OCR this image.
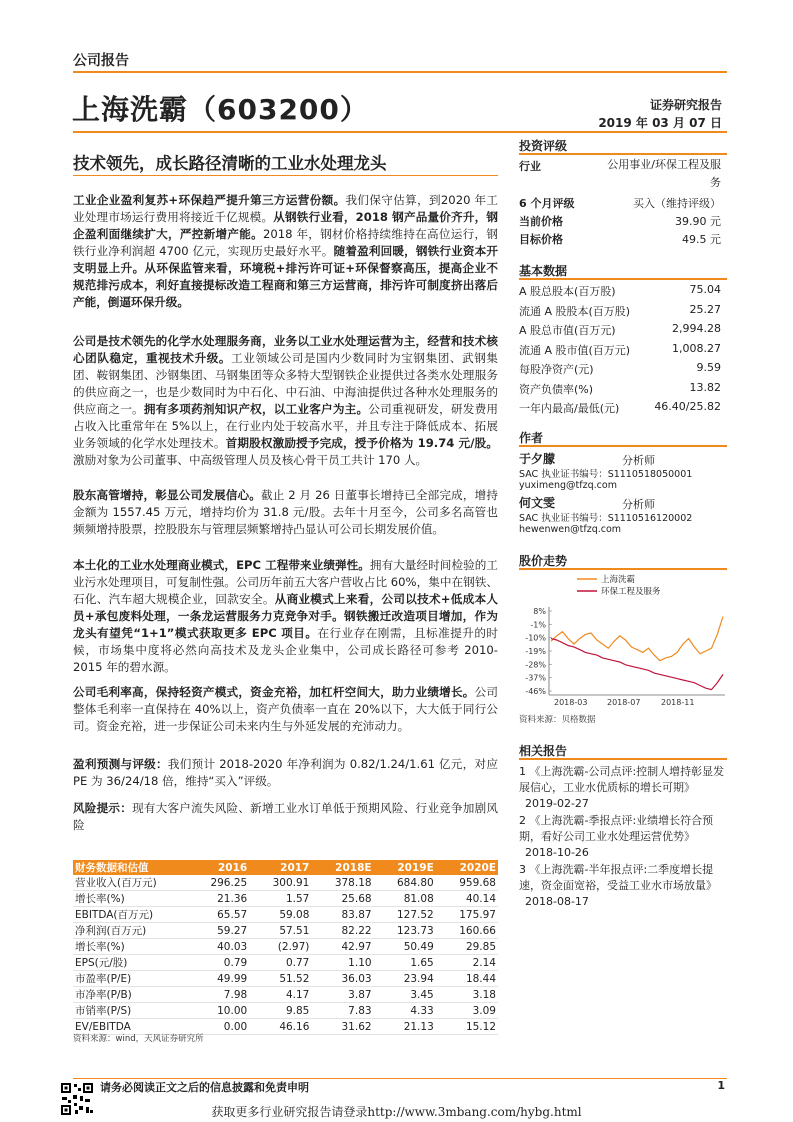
公司报告
上海洗霸（603200）	证券研究报告
2019 年 03 月 07 日
技术领先，成长路径清晰的工业水处理龙头
工业企业盈利复苏+环保趋严提升第三方运营份额。我们保守估算，到2020 年工业处理市场运行费用将接近千亿规模。从钢铁行业看，2018 钢产品量价齐升，钢企盈利面继续扩大，严控新增产能。2018 年，钢材价格持续维持在高位运行，钢铁行业净利润超 4700 亿元，实现历史最好水平。随着盈利回暖，钢铁行业资本开支明显上升。从环保监管来看，环境税+排污许可证+环保督察高压，提高企业不规范排污成本，利好直接提标改造工程商和第三方运营商，排污许可制度挤出落后产能，倒逼环保升级。
公司是技术领先的化学水处理服务商，业务以工业水处理运营为主，经营和技术核心团队稳定，重视技术升级。工业领域公司是国内少数同时为宝钢集团、武钢集团、鞍钢集团、沙钢集团、马钢集团等众多特大型钢铁企业提供过各类水处理服务的供应商之一，也是少数同时为中石化、中石油、中海油提供过各种水处理服务的供应商之一。拥有多项药剂知识产权，以工业客户为主。公司重视研发，研发费用占收入比重常年在 5%以上，在行业内处于较高水平，并且专注于降低成本、拓展业务领域的化学水处理技术。首期股权激励授予完成，授予价格为 19.74 元/股。激励对象为公司董事、中高级管理人员及核心骨干员工共计 170 人。
股东高管增持，彰显公司发展信心。截止 2 月 26 日董事长增持已全部完成，增持金额为 1557.45 万元，增持均价为 31.8 元/股。去年十月至今，公司多名高管也频频增持股票，控股股东与管理层频繁增持凸显认可公司长期发展价值。
本土化的工业水处理商业模式，EPC 工程带来业绩弹性。拥有大量经时间检验的工业污水处理项目，可复制性强。公司历年前五大客户营收占比 60%，集中在钢铁、石化、汽车超大规模企业，回款安全。从商业模式上来看，公司以技术+低成本人员+承包废料处理，一条龙运营服务力克竞争对手。钢铁搬迁改造项目增加，作为龙头有望凭“1+1”模式获取更多 EPC 项目。在行业存在刚需，且标准提升的时候，市场集中度将必然向高技术及龙头企业集中，公司成长路径可参考 2010-2015 年的碧水源。
公司毛利率高，保持轻资产模式，资金充裕，加杠杆空间大，助力业绩增长。公司整体毛利率一直保持在 40%以上，资产负债率一直在 20%以下，大大低于同行公司。资金充裕，进一步保证公司未来内生与外延发展的充沛动力。
盈利预测与评级：我们预计 2018-2020 年净利润为 0.82/1.24/1.61 亿元，对应 PE 为 36/24/18 倍，维持“买入”评级。
风险提示：现有大客户流失风险、新增工业水订单低于预期风险、行业竞争加剧风险
财务数据和估值	2016	2017	2018E	2019E	2020E
营业收入(百万元)	296.25	300.91	378.18	684.80	959.68
增长率(%)	21.36	1.57	25.68	81.08	40.14
EBITDA(百万元)	65.57	59.08	83.87	127.52	175.97
净利润(百万元)	59.27	57.51	82.22	123.73	160.66
增长率(%)	40.03	(2.97)	42.97	50.49	29.85
EPS(元/股)	0.79	0.77	1.10	1.65	2.14
市盈率(P/E)	49.99	51.52	36.03	23.94	18.44
市净率(P/B)	7.98	4.17	3.87	3.45	3.18
市销率(P/S)	10.00	9.85	7.83	4.33	3.09
EV/EBITDA	0.00	46.16	31.62	21.13	15.12
资料来源：wind，天风证券研究所
投资评级
行业	公用事业/环保工程及服务
6 个月评级	买入（维持评级）
当前价格	39.90 元
目标价格	49.5 元
基本数据
A 股总股本(百万股)	75.04
流通 A 股股本(百万股)	25.27
A 股总市值(百万元)	2,994.28
流通 A 股市值(百万元)	1,008.27
每股净资产(元)	9.59
资产负债率(%)	13.82
一年内最高/最低(元)	46.40/25.82
作者
于夕朦	分析师
SAC 执业证书编号：S1110518050001
yuximeng@tfzq.com
何文雯	分析师
SAC 执业证书编号：S1110516120002
hewenwen@tfzq.com
股价走势
8%
-1%
-10%
-19%
-28%
-37%
-46%
2018-03 2018-07	2018-11
上海洗霸
环保工程及服务
资料来源：贝格数据
相关报告
1 《上海洗霸-公司点评:控制人增持彰显发展信心，工业水优质标的增长可期》2019-02-27
2 《上海洗霸-季报点评:业绩增长符合预期，看好公司工业水处理运营优势》2018-10-26
3 《上海洗霸-半年报点评:二季度增长提速，资金面宽裕，受益工业水市场放量》2018-08-17
请务必阅读正文之后的信息披露和免责申明	1
获取更多行业研究报告请登录http://www.3mbang.com/hybg.html
